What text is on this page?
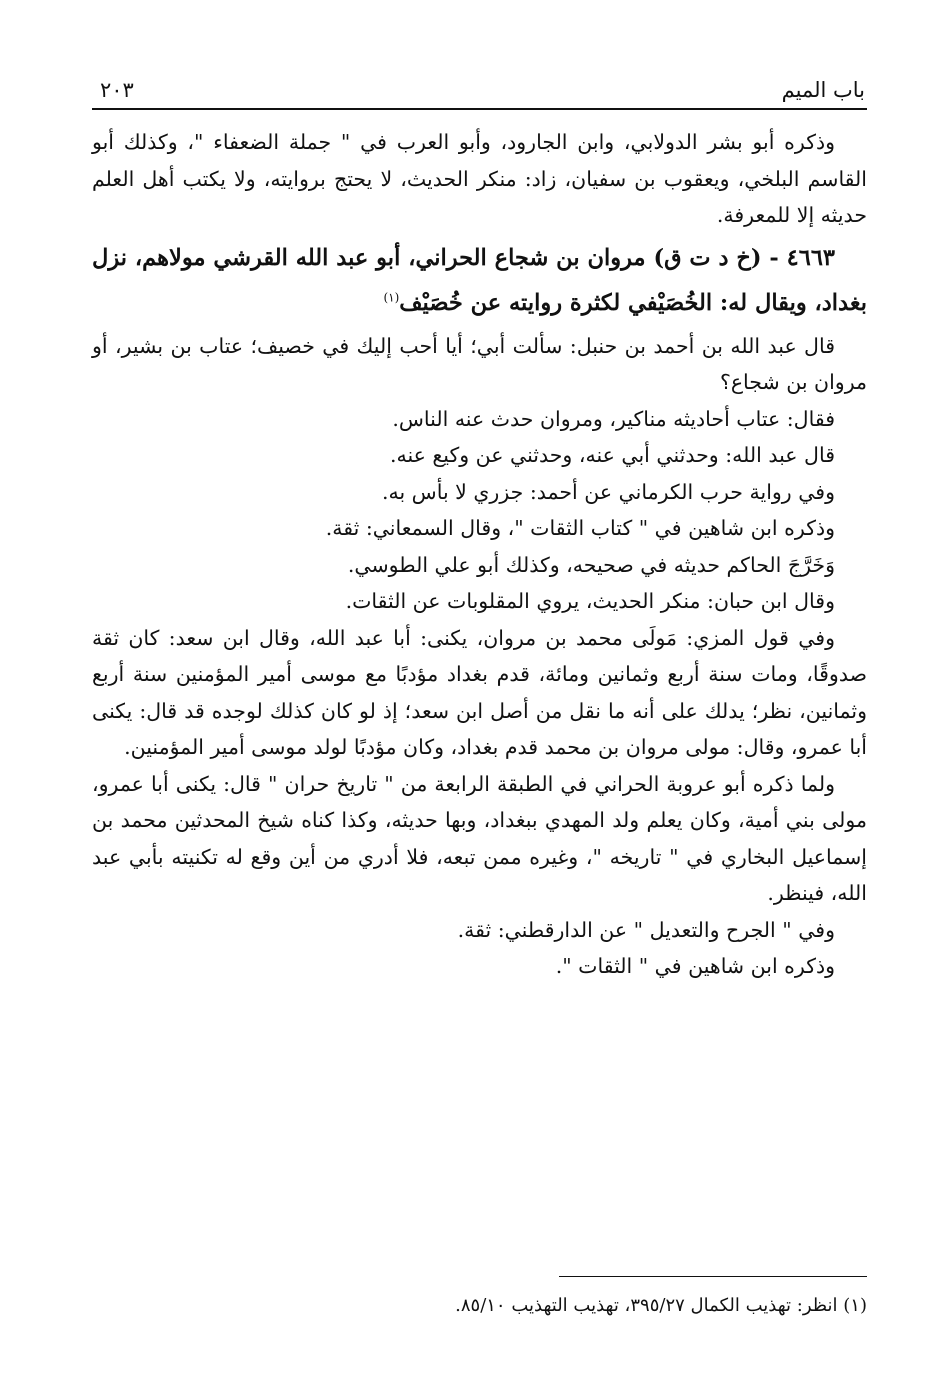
باب الميم
٢٠٣

وذكره أبو بشر الدولابي، وابن الجارود، وأبو العرب في " جملة الضعفاء "، وكذلك أبو القاسم البلخي، ويعقوب بن سفيان، زاد: منكر الحديث، لا يحتج بروايته، ولا يكتب أهل العلم حديثه إلا للمعرفة.

٤٦٦٣ - (خ د ت ق) مروان بن شجاع الحراني، أبو عبد الله القرشي مولاهم، نزل بغداد، ويقال له: الخُصَيْفي لكثرة روايته عن خُصَيْف$^{(١)}$

قال عبد الله بن أحمد بن حنبل: سألت أبي؛ أيا أحب إليك في خصيف؛ عتاب بن بشير، أو مروان بن شجاع؟

فقال: عتاب أحاديثه مناكير، ومروان حدث عنه الناس.

قال عبد الله: وحدثني أبي عنه، وحدثني عن وكيع عنه.

وفي رواية حرب الكرماني عن أحمد: جزري لا بأس به.

وذكره ابن شاهين في " كتاب الثقات "، وقال السمعاني: ثقة.

وَخَرَّجَ الحاكم حديثه في صحيحه، وكذلك أبو علي الطوسي.

وقال ابن حبان: منكر الحديث، يروي المقلوبات عن الثقات.

وفي قول المزي: مَولَى محمد بن مروان، يكنى: أبا عبد الله، وقال ابن سعد: كان ثقة صدوقًا، ومات سنة أربع وثمانين ومائة، قدم بغداد مؤدبًا مع موسى أمير المؤمنين سنة أربع وثمانين، نظر؛ يدلك على أنه ما نقل من أصل ابن سعد؛ إذ لو كان كذلك لوجده قد قال: يكنى أبا عمرو، وقال: مولى مروان بن محمد قدم بغداد، وكان مؤدبًا لولد موسى أمير المؤمنين.

ولما ذكره أبو عروبة الحراني في الطبقة الرابعة من " تاريخ حران " قال: يكنى أبا عمرو، مولى بني أمية، وكان يعلم ولد المهدي ببغداد، وبها حديثه، وكذا كناه شيخ المحدثين محمد بن إسماعيل البخاري في " تاريخه "، وغيره ممن تبعه، فلا أدري من أين وقع له تكنيته بأبي عبد الله، فينظر.

وفي " الجرح والتعديل " عن الدارقطني: ثقة.

وذكره ابن شاهين في " الثقات ".

(١) انظر: تهذيب الكمال ٣٩٥/٢٧، تهذيب التهذيب ٨٥/١٠.
